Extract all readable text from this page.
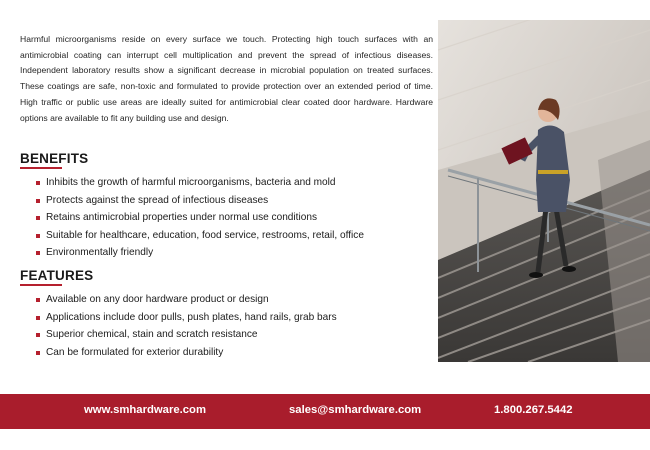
Harmful microorganisms reside on every surface we touch. Protecting high touch surfaces with an antimicrobial coating can interrupt cell multiplication and prevent the spread of infectious diseases. Independent laboratory results show a significant decrease in microbial population on treated surfaces. These coatings are safe, non-toxic and formulated to provide protection over an extended period of time. High traffic or public use areas are ideally suited for antimicrobial clear coated door hardware. Hardware options are available to fit any building use and design.

BENEFITS
Inhibits the growth of harmful microorganisms, bacteria and mold
Protects against the spread of infectious diseases
Retains antimicrobial properties under normal use conditions
Suitable for healthcare, education, food service, restrooms, retail, office
Environmentally friendly
FEATURES
Available on any door hardware product or design
Applications include door pulls, push plates, hand rails, grab bars
Superior chemical, stain and scratch resistance
Can be formulated for exterior durability
www.smhardware.com	sales@smhardware.com	1.800.267.5442
